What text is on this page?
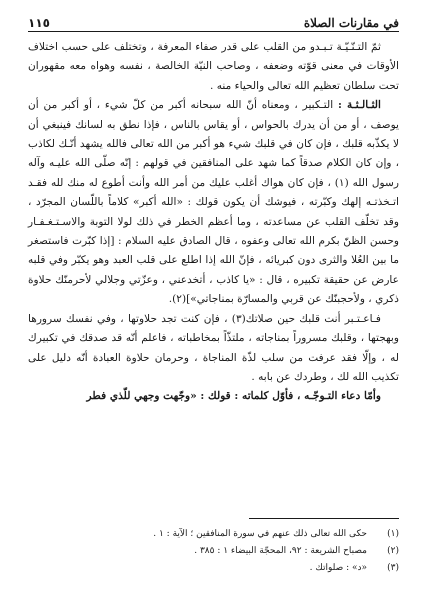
في مقارنات الصلاة
١١٥

ثمّ التـنّـيّـة تـبـدو من القلب على قدر صفاء المعرفة ، وتختلف على حسب اختلاف الأوقات في معنى قوّته وضعفه ، وصاحب النيّة الخالصة ، نفسه وهواه معه مقهوران تحت سلطان تعظيم الله تعالى والحياء منه .

الثـالـثـة : التـكبير ، ومعناه أنّ الله سبحانه أكبر من كلّ شيء ، أو أكبر من أن يوصف ، أو من أن يدرك بالحواس ، أو يقاس بالناس ، فإذا نطق به لسانك فينبغي أن لا يكذّبه قلبك ، فإن كان في قلبك شيء هو أكبر من الله تعالى فالله يشهد أنّـك لكاذب ، وإن كان الكلام صدقاً كما شهد على المنافقين في قولهم : إنّه صلّى الله عليـه وآله رسول الله (١) ، فإن كان هواك أغلب عليك من أمر الله وأنت أطوع له منك لله فقـد اتـخذتـه إلهك وكبّرته ، فيوشك أن يكون قولك : «الله أكبر» كلاماً باللّسان المجرّد ، وقد تخلّف القلب عن مساعدته ، وما أعظم الخطر في ذلك لولا التوبة والاسـتـغـفـار وحسن الظنّ بكرم الله تعالى وعفوه ، قال الصادق عليه السلام : [إذا كبّرت فاستصغر ما بين العُلا والثرى دون كبريائه ، فإنّ الله إذا اطلع على قلب العبد وهو يكبّر وفي قلبه عارض عن حقيقة تكبيره ، قال : «يا كاذب ، أتخدعني ، وعزّتي وجلالي لأحرمنّك حلاوة ذكري ، ولأحجبنّك عن قربي والمسارّة بمناجاتي»](٢).

فـاعـتـبر أنت قلبك حين صلاتك(٣) ، فإن كنت تجد حلاوتها ، وفي نفسك سرورها وبهجتها ، وقلبك مسروراً بمناجاته ، ملتذّاً بمخاطباته ، فاعلم أنّه قد صدقك في تكبيرك له ، وإلّا فقد عرفت من سلب لذّة المناجاة ، وحرمان حلاوة العبادة أنّه دليل على تكذيب الله لك ، وطردك عن بابه .

وأمّا دعاء التـوجّـه ، فأوّل كلماته : قولك : «وجّهت وجهي للّذي فطر

(١)
حكى الله تعالى ذلك عنهم في سورة المنافقين ؛ الآية : ١ .

(٢)
مصباح الشريعة : ٩٢، المحجّة البيضاء ١ : ٣٨٥ .

(٣)
«د» : صلواتك .
